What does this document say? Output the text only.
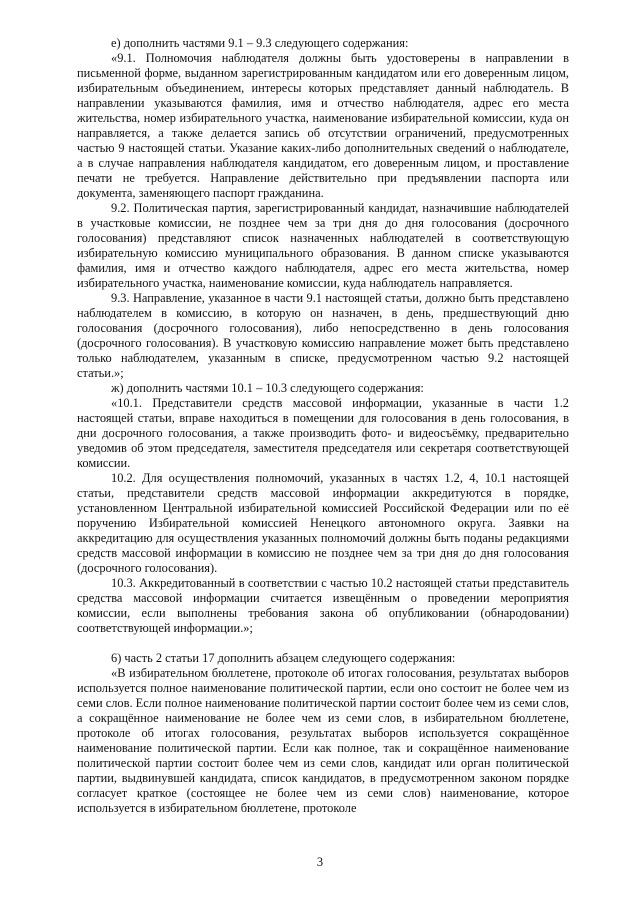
е) дополнить частями 9.1 – 9.3 следующего содержания:

«9.1. Полномочия наблюдателя должны быть удостоверены в направлении в письменной форме, выданном зарегистрированным кандидатом или его доверенным лицом, избирательным объединением, интересы которых представляет данный наблюдатель. В направлении указываются фамилия, имя и отчество наблюдателя, адрес его места жительства, номер избирательного участка, наименование избирательной комиссии, куда он направляется, а также делается запись об отсутствии ограничений, предусмотренных частью 9 настоящей статьи. Указание каких-либо дополнительных сведений о наблюдателе, а в случае направления наблюдателя кандидатом, его доверенным лицом, и проставление печати не требуется. Направление действительно при предъявлении паспорта или документа, заменяющего паспорт гражданина.

9.2. Политическая партия, зарегистрированный кандидат, назначившие наблюдателей в участковые комиссии, не позднее чем за три дня до дня голосования (досрочного голосования) представляют список назначенных наблюдателей в соответствующую избирательную комиссию муниципального образования. В данном списке указываются фамилия, имя и отчество каждого наблюдателя, адрес его места жительства, номер избирательного участка, наименование комиссии, куда наблюдатель направляется.

9.3. Направление, указанное в части 9.1 настоящей статьи, должно быть представлено наблюдателем в комиссию, в которую он назначен, в день, предшествующий дню голосования (досрочного голосования), либо непосредственно в день голосования (досрочного голосования). В участковую комиссию направление может быть представлено только наблюдателем, указанным в списке, предусмотренном частью 9.2 настоящей статьи.»;

ж) дополнить частями 10.1 – 10.3 следующего содержания:

«10.1. Представители средств массовой информации, указанные в части 1.2 настоящей статьи, вправе находиться в помещении для голосования в день голосования, в дни досрочного голосования, а также производить фото- и видеосъёмку, предварительно уведомив об этом председателя, заместителя председателя или секретаря соответствующей комиссии.

10.2. Для осуществления полномочий, указанных в частях 1.2, 4, 10.1 настоящей статьи, представители средств массовой информации аккредитуются в порядке, установленном Центральной избирательной комиссией Российской Федерации или по её поручению Избирательной комиссией Ненецкого автономного округа. Заявки на аккредитацию для осуществления указанных полномочий должны быть поданы редакциями средств массовой информации в комиссию не позднее чем за три дня до дня голосования (досрочного голосования).

10.3. Аккредитованный в соответствии с частью 10.2 настоящей статьи представитель средства массовой информации считается извещённым о проведении мероприятия комиссии, если выполнены требования закона об опубликовании (обнародовании) соответствующей информации.»;

6) часть 2 статьи 17 дополнить абзацем следующего содержания:

«В избирательном бюллетене, протоколе об итогах голосования, результатах выборов используется полное наименование политической партии, если оно состоит не более чем из семи слов. Если полное наименование политической партии состоит более чем из семи слов, а сокращённое наименование не более чем из семи слов, в избирательном бюллетене, протоколе об итогах голосования, результатах выборов используется сокращённое наименование политической партии. Если как полное, так и сокращённое наименование политической партии состоит более чем из семи слов, кандидат или орган политической партии, выдвинувшей кандидата, список кандидатов, в предусмотренном законом порядке согласует краткое (состоящее не более чем из семи слов) наименование, которое используется в избирательном бюллетене, протоколе

3
